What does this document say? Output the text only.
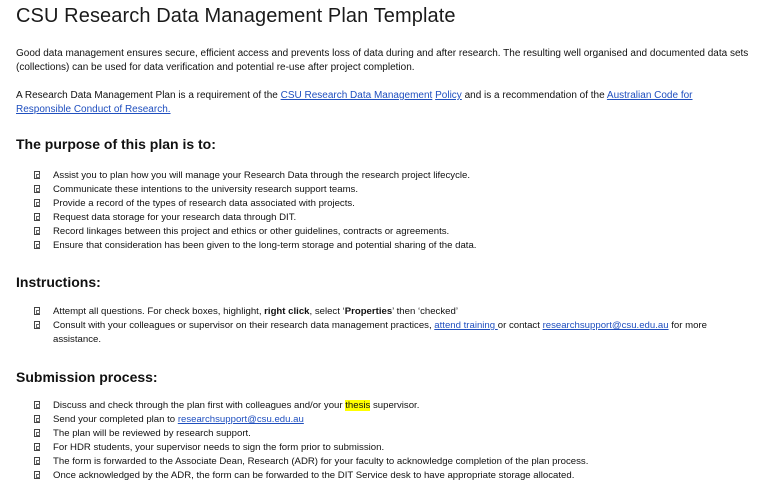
CSU Research Data Management Plan Template

Good data management ensures secure, efficient access and prevents loss of data during and after research. The resulting well organised and documented data sets (collections) can be used for data verification and potential re-use after project completion.

A Research Data Management Plan is a requirement of the CSU Research Data Management Policy and is a recommendation of the Australian Code for Responsible Conduct of Research.

The purpose of this plan is to:
Assist you to plan how you will manage your Research Data through the research project lifecycle.
Communicate these intentions to the university research support teams.
Provide a record of the types of research data associated with projects.
Request data storage for your research data through DIT.
Record linkages between this project and ethics or other guidelines, contracts or agreements.
Ensure that consideration has been given to the long-term storage and potential sharing of the data.
Instructions:
Attempt all questions. For check boxes, highlight, right click, select ‘Properties’ then ‘checked’
Consult with your colleagues or supervisor on their research data management practices, attend training or contact researchsupport@csu.edu.au for more assistance.
Submission process:
Discuss and check through the plan first with colleagues and/or your thesis supervisor.
Send your completed plan to researchsupport@csu.edu.au
The plan will be reviewed by research support.
For HDR students, your supervisor needs to sign the form prior to submission.
The form is forwarded to the Associate Dean, Research (ADR) for your faculty to acknowledge completion of the plan process.
Once acknowledged by the ADR, the form can be forwarded to the DIT Service desk to have appropriate storage allocated.
